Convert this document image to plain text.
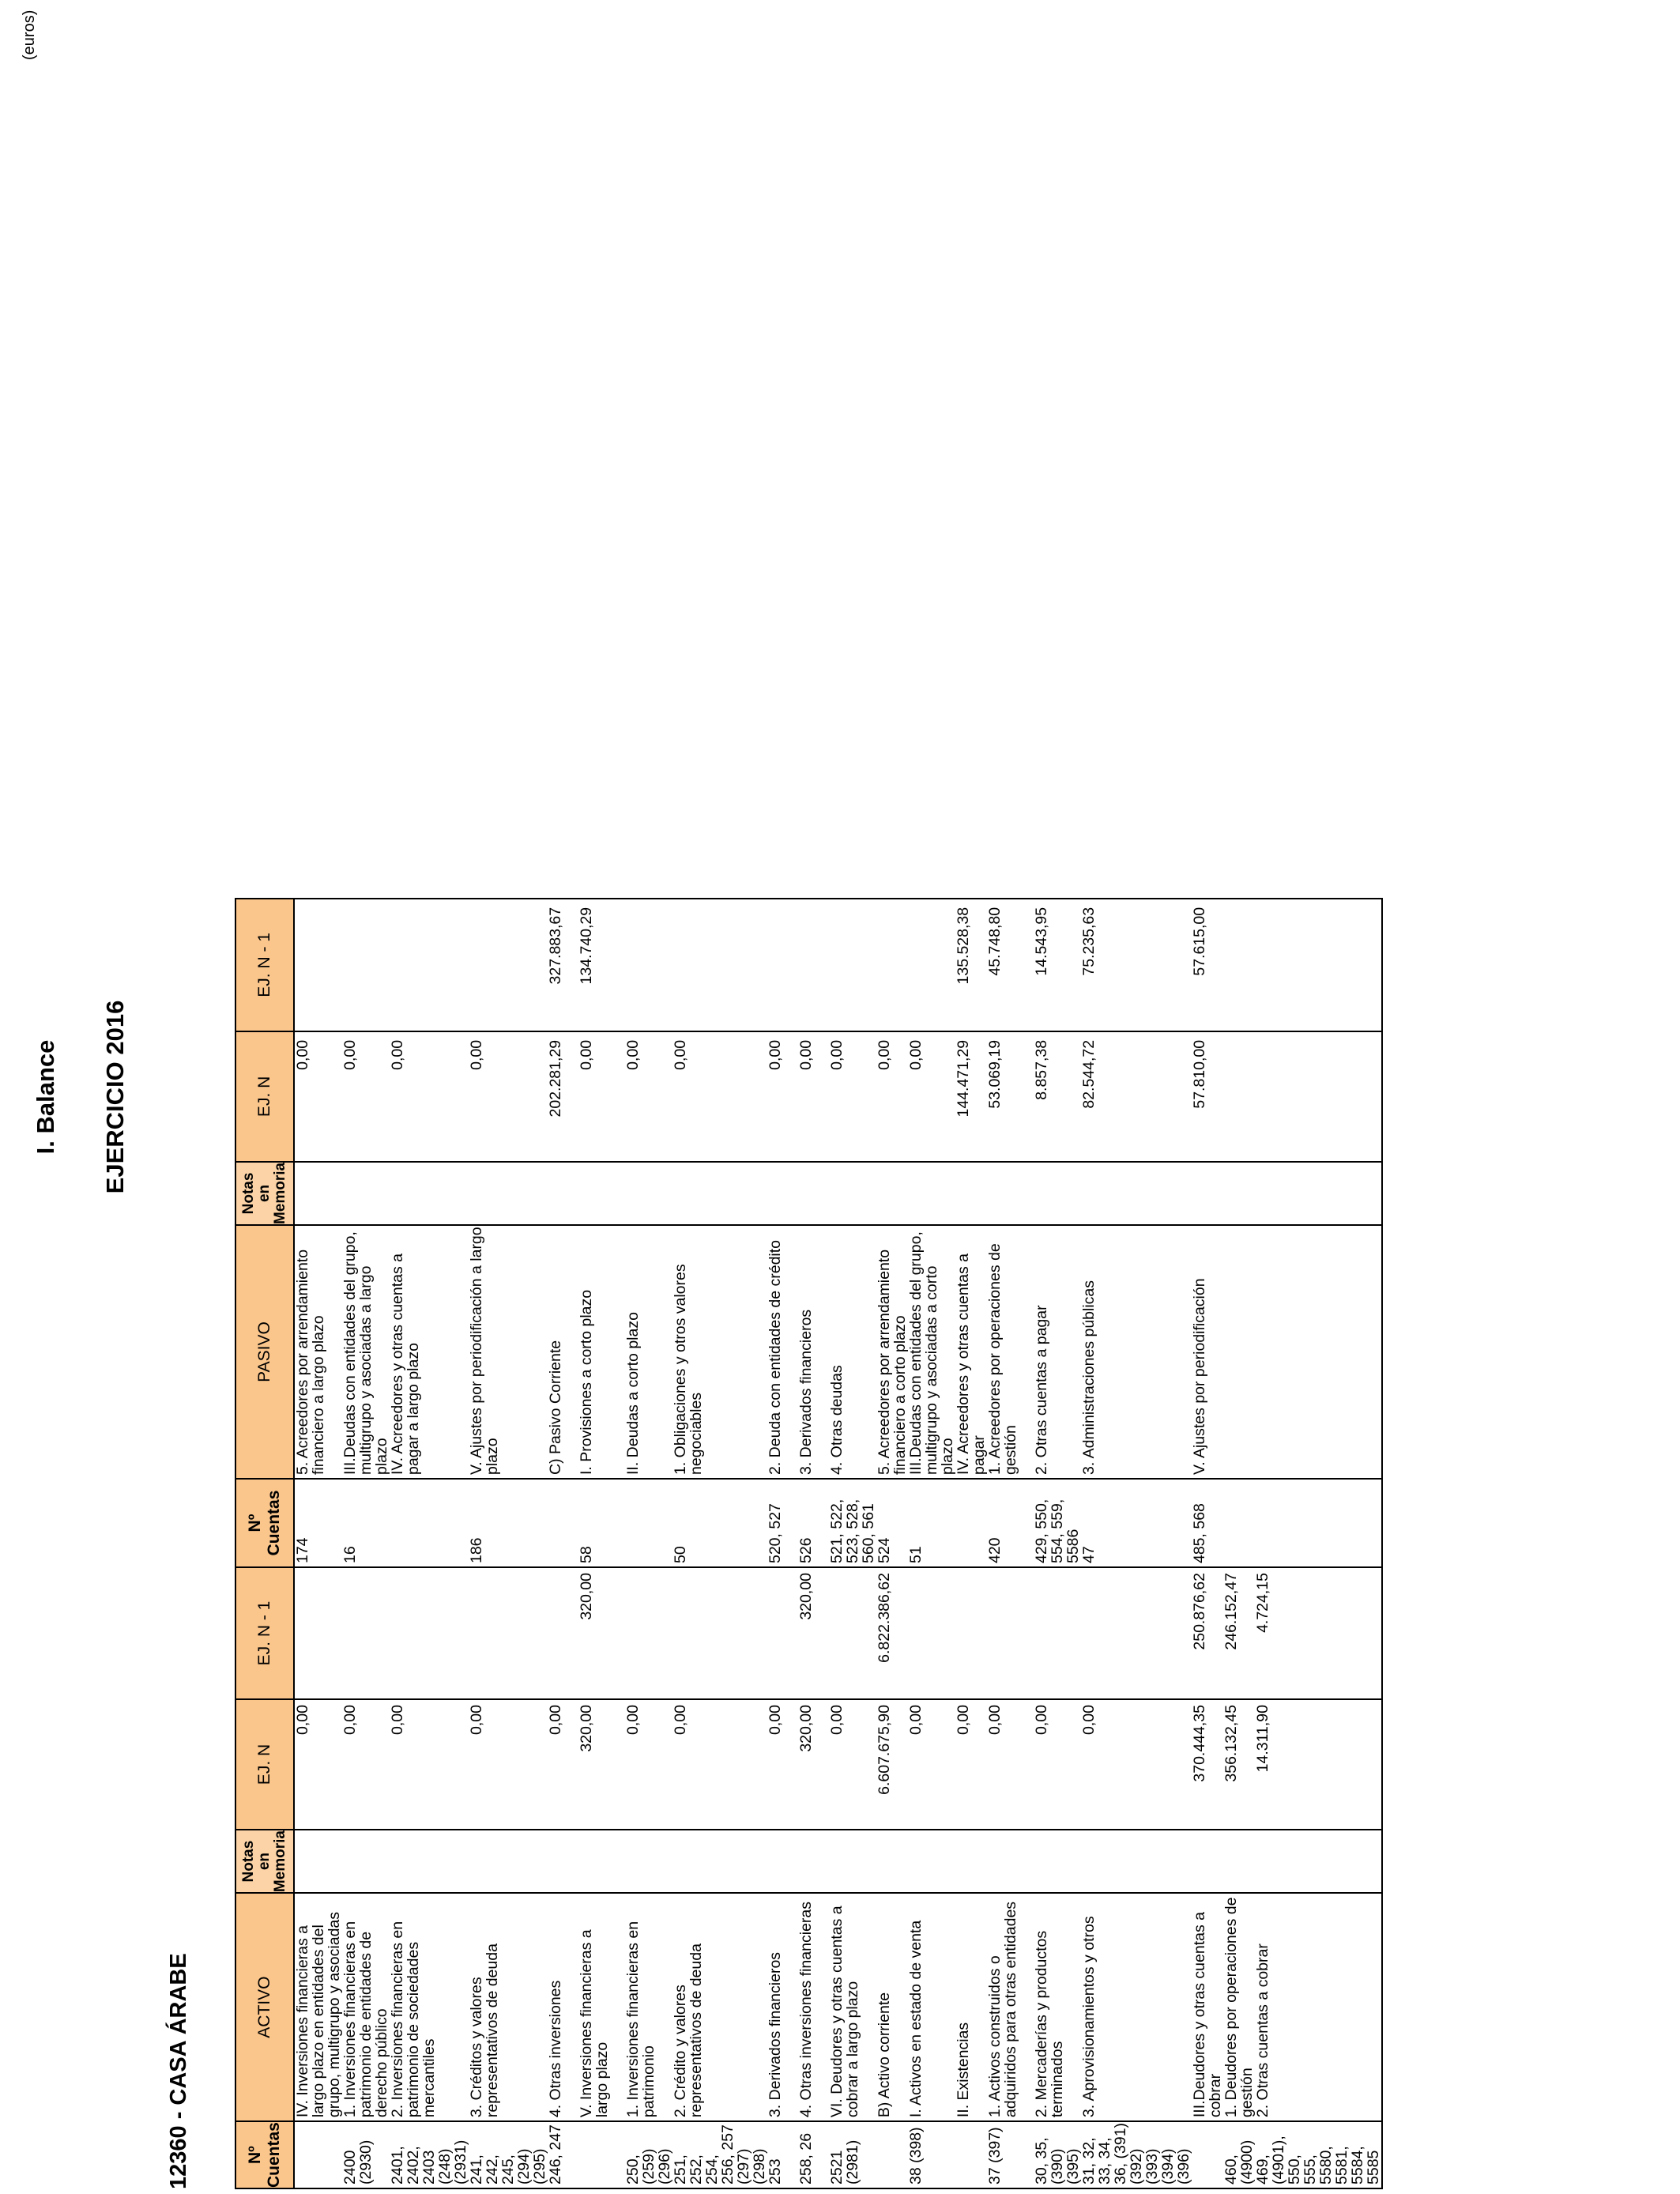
I. Balance EJERCICIO 2016
12360 - CASA ÁRABE
(euros)
Nº Cuentas	ACTIVO	Notas en Memoria	EJ. N	EJ. N - 1	Nº Cuentas	PASIVO	Notas en Memoria	EJ. N	EJ. N - 1
	IV. Inversiones financieras a largo plazo en entidades del grupo, multigrupo y asociadas		0,00		174	5. Acreedores por arrendamiento financiero a largo plazo		0,00	
2400 (2930)	1. Inversiones financieras en patrimonio de entidades de derecho público		0,00		16	III.Deudas con entidades del grupo, multigrupo y asociadas a largo plazo		0,00	
2401, 2402, 2403 (248) (2931)	2. Inversiones financieras en patrimonio de sociedades mercantiles		0,00			IV. Acreedores y otras cuentas a pagar a largo plazo		0,00	
241, 242, 245, (294) (295)	3. Créditos y valores representativos de deuda		0,00		186	V. Ajustes por periodificación a largo plazo		0,00	
246, 247	4. Otras inversiones		0,00			C) Pasivo Corriente		202.281,29	327.883,67
	V. Inversiones financieras a largo plazo		320,00	320,00	58	I. Provisiones a corto plazo		0,00	134.740,29
250, (259) (296)	1. Inversiones financieras en patrimonio		0,00			II. Deudas a corto plazo		0,00	
251, 252, 254, 256, 257 (297) (298)	2. Crédito y valores representativos de deuda		0,00		50	1. Obligaciones y otros valores negociables		0,00	
253	3. Derivados financieros		0,00		520, 527	2. Deuda con entidades de crédito		0,00	
258, 26	4. Otras inversiones financieras		320,00	320,00	526	3. Derivados financieros		0,00	
2521 (2981)	VI. Deudores y otras cuentas a cobrar a largo plazo		0,00		521, 522, 523, 528, 560, 561	4. Otras deudas		0,00	
	B) Activo corriente		6.607.675,90	6.822.386,62	524	5. Acreedores por arrendamiento financiero a corto plazo		0,00	
38 (398)	I. Activos en estado de venta		0,00		51	III.Deudas con entidades del grupo, multigrupo y asociadas a corto plazo		0,00	
	II. Existencias		0,00			IV. Acreedores y otras cuentas a pagar		144.471,29	135.528,38
37 (397)	1. Activos construidos o adquiridos para otras entidades		0,00		420	1. Acreedores por operaciones de gestión		53.069,19	45.748,80
30, 35, (390) (395)	2. Mercaderías y productos terminados		0,00		429, 550, 554, 559, 5586	2. Otras cuentas a pagar		8.857,38	14.543,95
31, 32, 33, 34, 36, (391) (392) (393) (394) (396)	3. Aprovisionamientos y otros		0,00		47	3. Administraciones públicas		82.544,72	75.235,63
	III.Deudores y otras cuentas a cobrar		370.444,35	250.876,62	485, 568	V. Ajustes por periodificación		57.810,00	57.615,00
460, (4900)	1. Deudores por operaciones de gestión		356.132,45	246.152,47					
469, (4901), 550, 555, 5580, 5581, 5584, 5585	2. Otras cuentas a cobrar		14.311,90	4.724,15					
